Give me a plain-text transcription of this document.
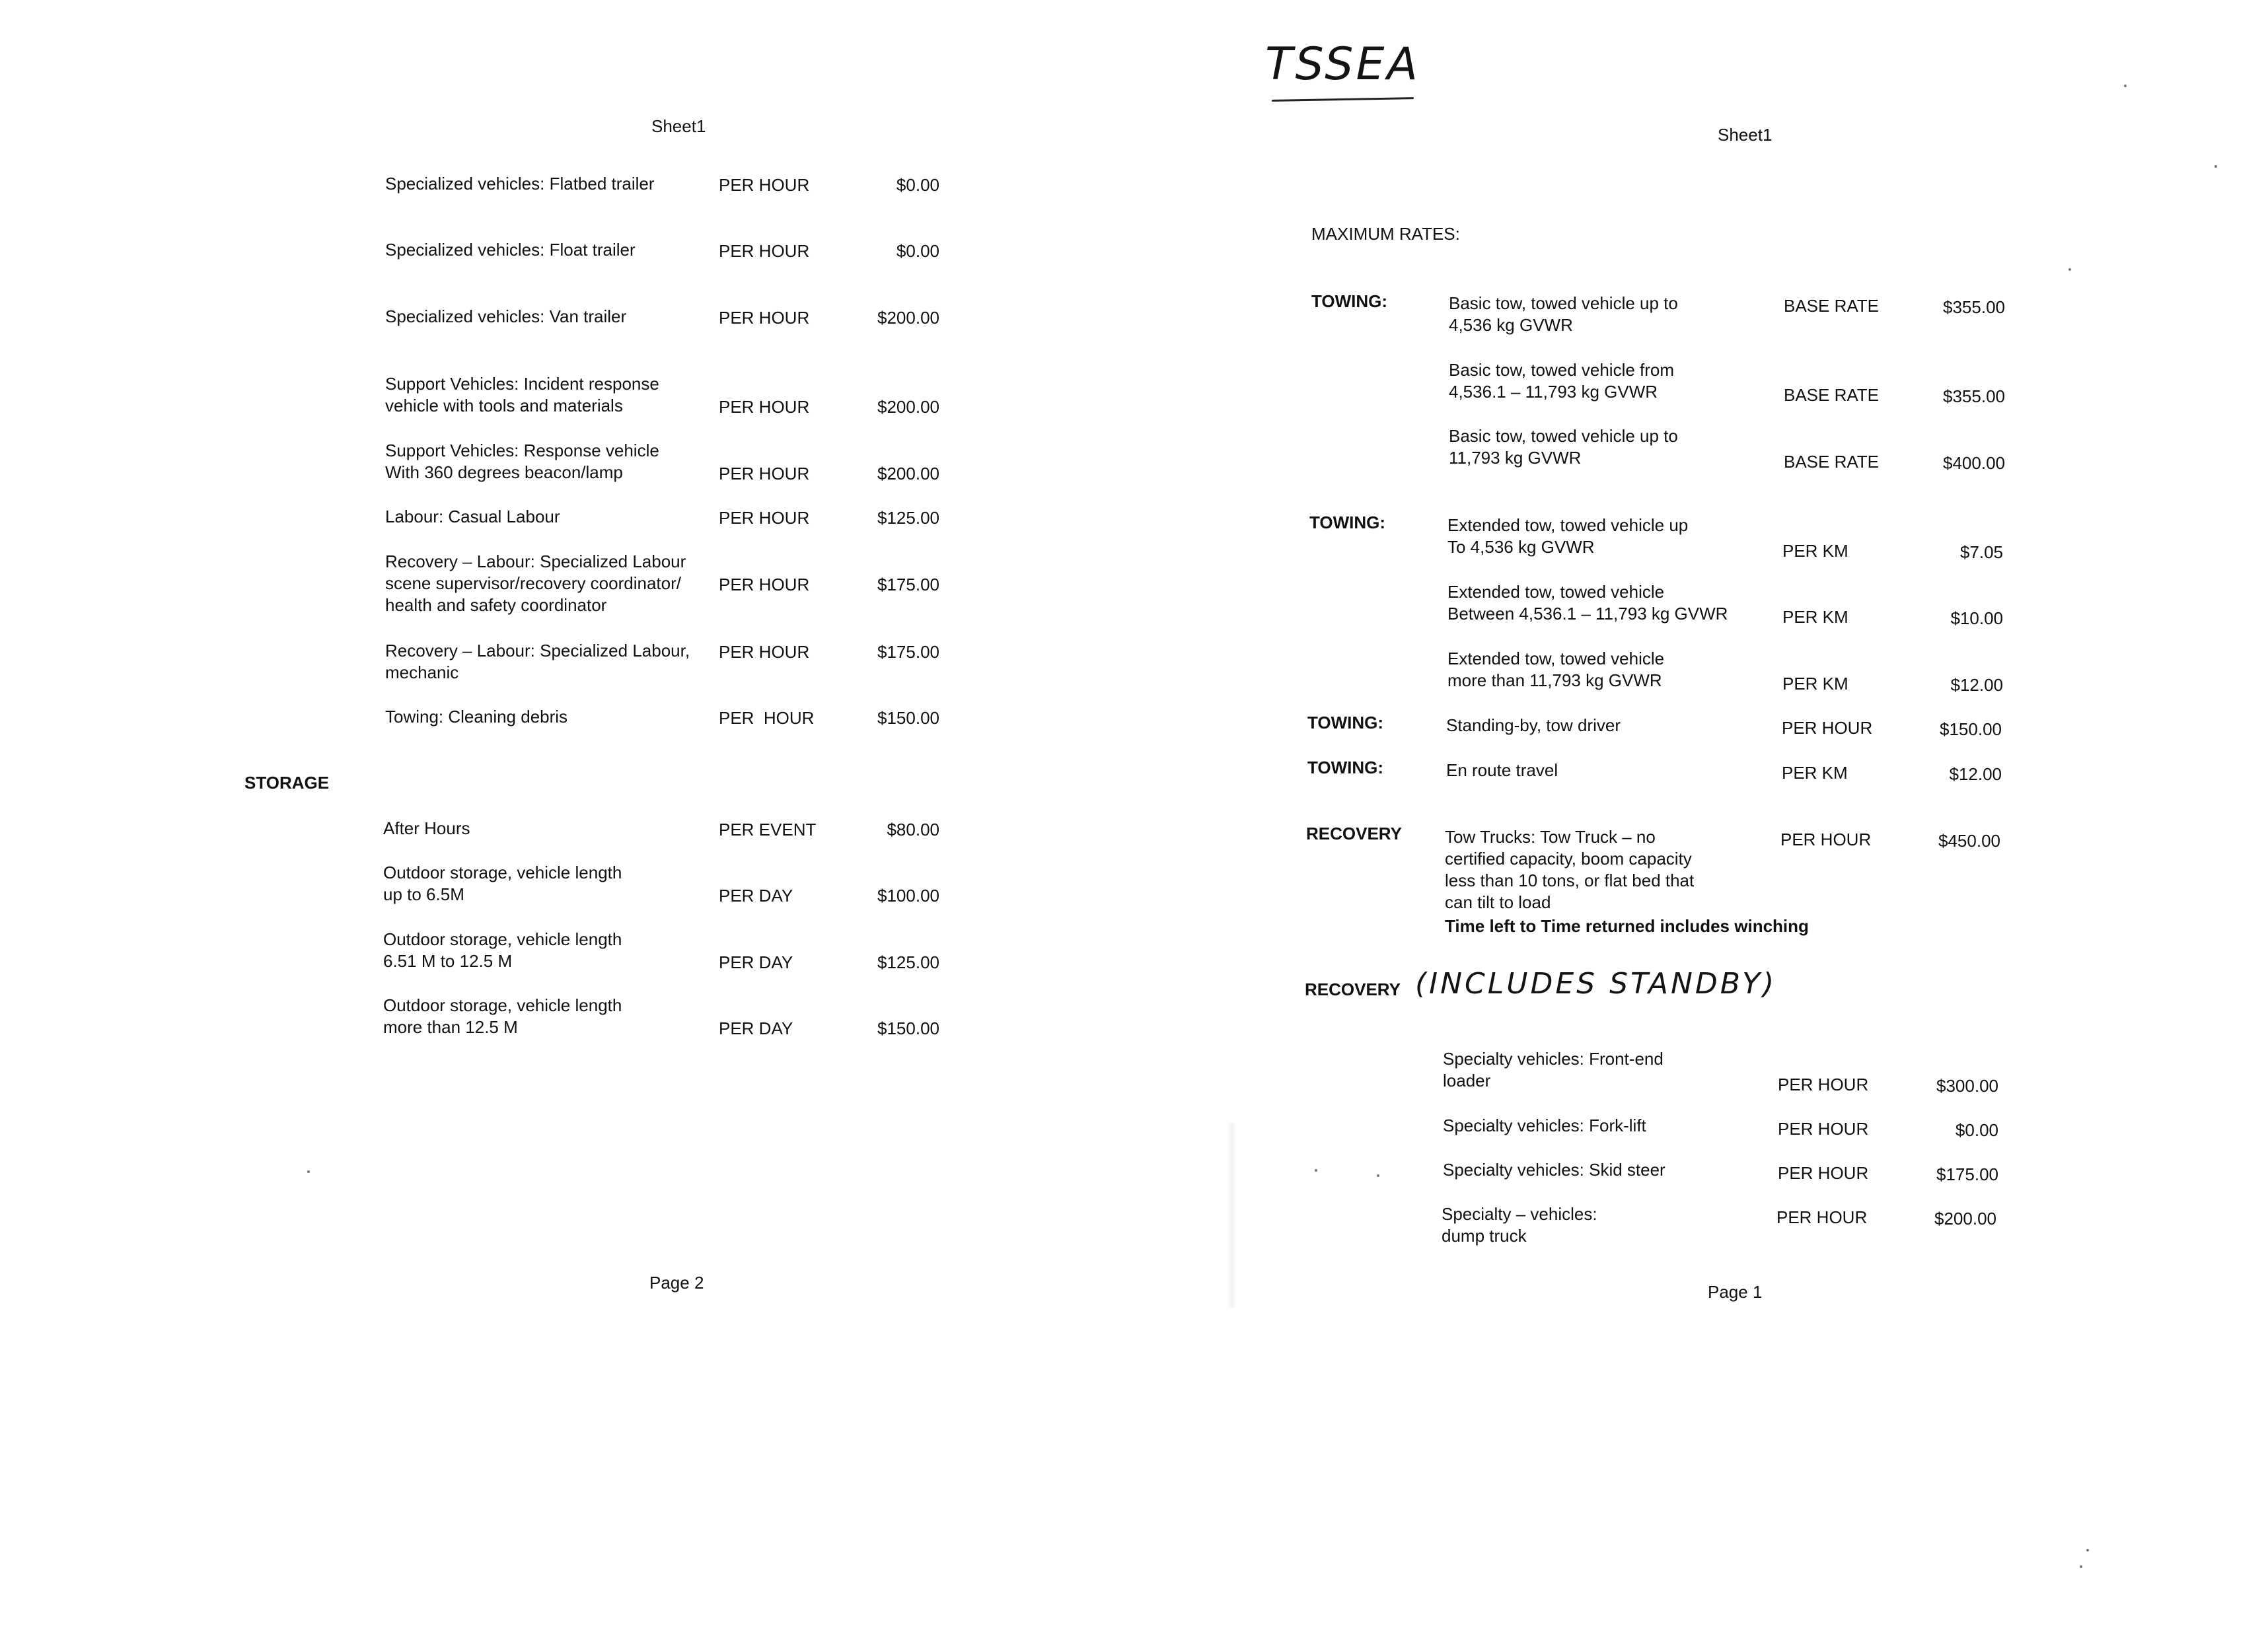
Sheet1
Specialized vehicles: Flatbed trailer	PER HOUR	$0.00
Specialized vehicles: Float trailer	PER HOUR	$0.00
Specialized vehicles: Van trailer	PER HOUR	$200.00
Support Vehicles: Incident response
vehicle with tools and materials	PER HOUR	$200.00
Support Vehicles: Response vehicle
With 360 degrees beacon/lamp	PER HOUR	$200.00
Labour: Casual Labour	PER HOUR	$125.00
Recovery – Labour: Specialized Labour
scene supervisor/recovery coordinator/
health and safety coordinator
PER HOUR	$175.00
Recovery – Labour: Specialized Labour,
mechanic
PER HOUR	$175.00
Towing: Cleaning debris	PER  HOUR	$150.00
STORAGE
After Hours	PER EVENT	$80.00
Outdoor storage, vehicle length
up to 6.5M	PER DAY	$100.00
Outdoor storage, vehicle length
6.51 M to 12.5 M	PER DAY	$125.00
Outdoor storage, vehicle length
more than 12.5 M	PER DAY	$150.00
Page 2
TSSEA
Sheet1
MAXIMUM RATES:
TOWING:	Basic tow, towed vehicle up to
4,536 kg GVWR
BASE RATE	$355.00
Basic tow, towed vehicle from
4,536.1 – 11,793 kg GVWR	BASE RATE	$355.00
Basic tow, towed vehicle up to
11,793 kg GVWR	BASE RATE	$400.00
TOWING:	Extended tow, towed vehicle up
To 4,536 kg GVWR	PER KM	$7.05
Extended tow, towed vehicle
Between 4,536.1 – 11,793 kg GVWR	PER KM	$10.00
Extended tow, towed vehicle
more than 11,793 kg GVWR	PER KM	$12.00
TOWING:	Standing-by, tow driver	PER HOUR	$150.00
TOWING:	En route travel	PER KM	$12.00
RECOVERY	Tow Trucks: Tow Truck – no
certified capacity, boom capacity
less than 10 tons, or flat bed that
can tilt to load
PER HOUR	$450.00
Time left to Time returned includes winching
RECOVERY (INCLUDES STANDBY)
Specialty vehicles: Front-end
loader	PER HOUR	$300.00
Specialty vehicles: Fork-lift	PER HOUR	$0.00
Specialty vehicles: Skid steer	PER HOUR	$175.00
Specialty – vehicles:
dump truck
PER HOUR	$200.00
Page 1
